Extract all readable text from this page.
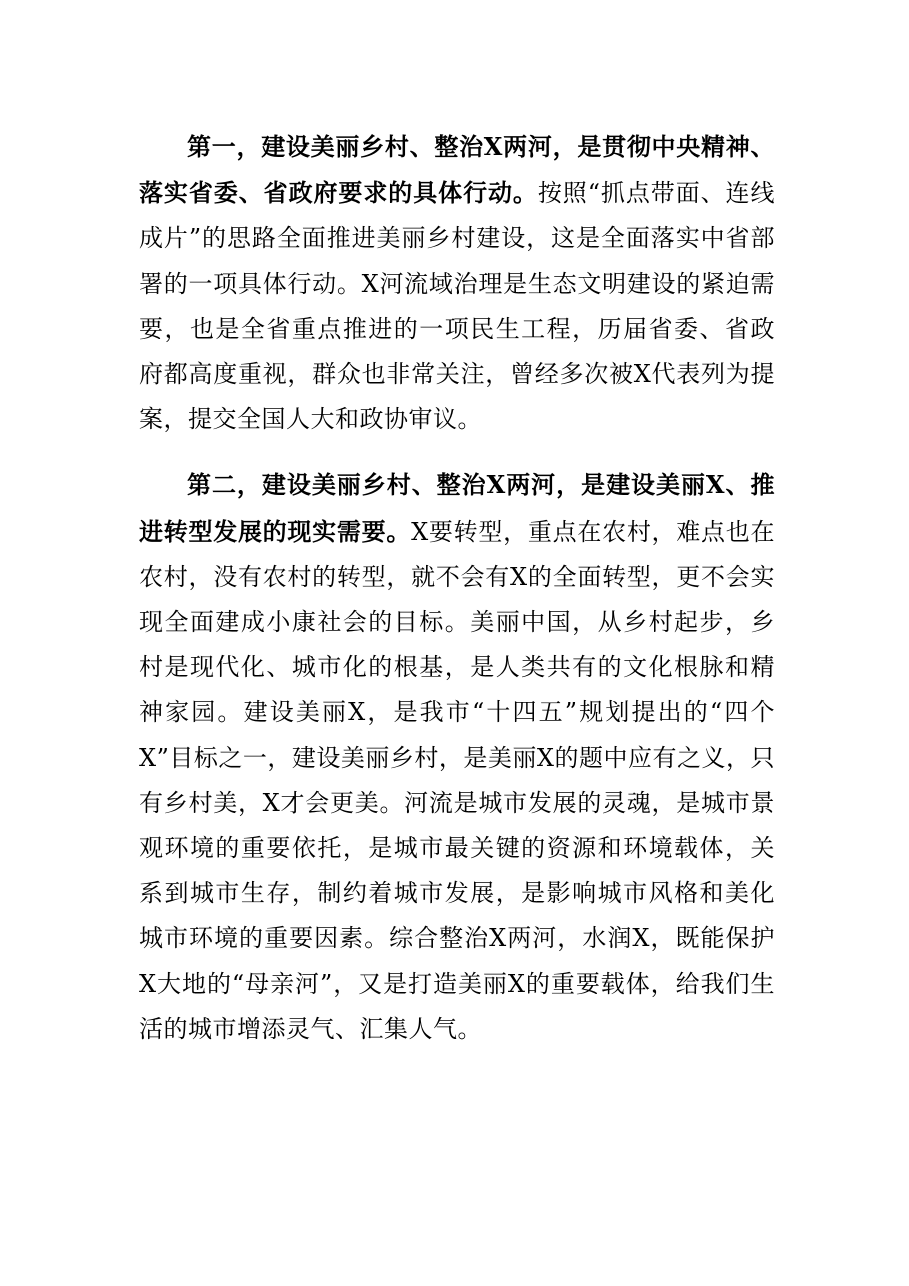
第一，建设美丽乡村、整治X两河，是贯彻中央精神、落实省委、省政府要求的具体行动。按照“抓点带面、连线成片”的思路全面推进美丽乡村建设，这是全面落实中省部署的一项具体行动。X河流域治理是生态文明建设的紧迫需要，也是全省重点推进的一项民生工程，历届省委、省政府都高度重视，群众也非常关注，曾经多次被X代表列为提案，提交全国人大和政协审议。

第二，建设美丽乡村、整治X两河，是建设美丽X、推进转型发展的现实需要。X要转型，重点在农村，难点也在农村，没有农村的转型，就不会有X的全面转型，更不会实现全面建成小康社会的目标。美丽中国，从乡村起步，乡村是现代化、城市化的根基，是人类共有的文化根脉和精神家园。建设美丽X，是我市“十四五”规划提出的“四个X”目标之一，建设美丽乡村，是美丽X的题中应有之义，只有乡村美，X才会更美。河流是城市发展的灵魂，是城市景观环境的重要依托，是城市最关键的资源和环境载体，关系到城市生存，制约着城市发展，是影响城市风格和美化城市环境的重要因素。综合整治X两河，水润X，既能保护X大地的“母亲河”，又是打造美丽X的重要载体，给我们生活的城市增添灵气、汇集人气。
